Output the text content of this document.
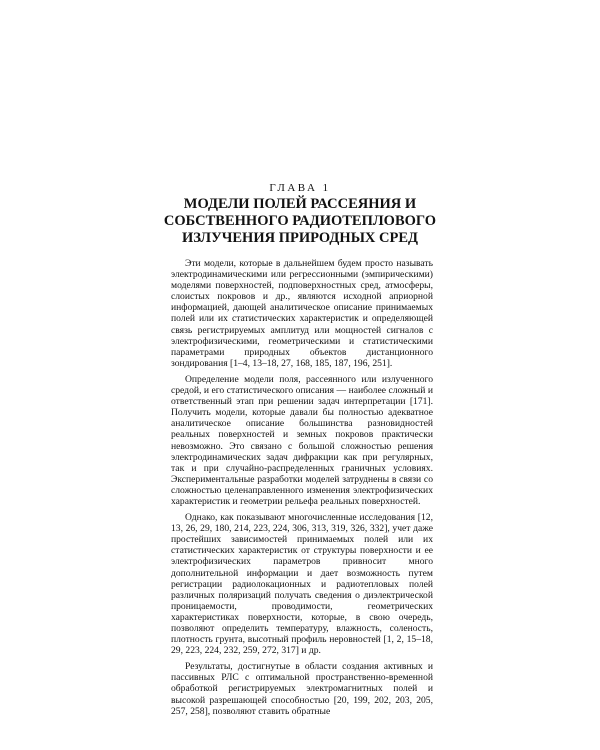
ГЛАВА 1
МОДЕЛИ ПОЛЕЙ РАССЕЯНИЯ И СОБСТВЕННОГО РАДИОТЕПЛОВОГО ИЗЛУЧЕНИЯ ПРИРОДНЫХ СРЕД

Эти модели, которые в дальнейшем будем просто называть электродинамическими или регрессионными (эмпирическими) моделями поверхностей, подповерхностных сред, атмосферы, слоистых покровов и др., являются исходной априорной информацией, дающей аналитическое описание принимаемых полей или их статистических характеристик и определяющей связь регистрируемых амплитуд или мощностей сигналов с электрофизическими, геометрическими и статистическими параметрами природных объектов дистанционного зондирования [1–4, 13–18, 27, 168, 185, 187, 196, 251].

Определение модели поля, рассеянного или излученного средой, и его статистического описания — наиболее сложный и ответственный этап при решении задач интерпретации [171]. Получить модели, которые давали бы полностью адекватное аналитическое описание большинства разновидностей реальных поверхностей и земных покровов практически невозможно. Это связано с большой сложностью решения электродинамических задач дифракции как при регулярных, так и при случайно-распределенных граничных условиях. Экспериментальные разработки моделей затруднены в связи со сложностью целенаправленного изменения электрофизических характеристик и геометрии рельефа реальных поверхностей.

Однако, как показывают многочисленные исследования [12, 13, 26, 29, 180, 214, 223, 224, 306, 313, 319, 326, 332], учет даже простейших зависимостей принимаемых полей или их статистических характеристик от структуры поверхности и ее электрофизических параметров привносит много дополнительной информации и дает возможность путем регистрации радиолокационных и радиотепловых полей различных поляризаций получать сведения о диэлектрической проницаемости, проводимости, геометрических характеристиках поверхности, которые, в свою очередь, позволяют определить температуру, влажность, соленость, плотность грунта, высотный профиль неровностей [1, 2, 15–18, 29, 223, 224, 232, 259, 272, 317] и др.

Результаты, достигнутые в области создания активных и пассивных РЛС с оптимальной пространственно-временной обработкой регистрируемых электромагнитных полей и высокой разрешающей способностью [20, 199, 202, 203, 205, 257, 258], позволяют ставить обратные
